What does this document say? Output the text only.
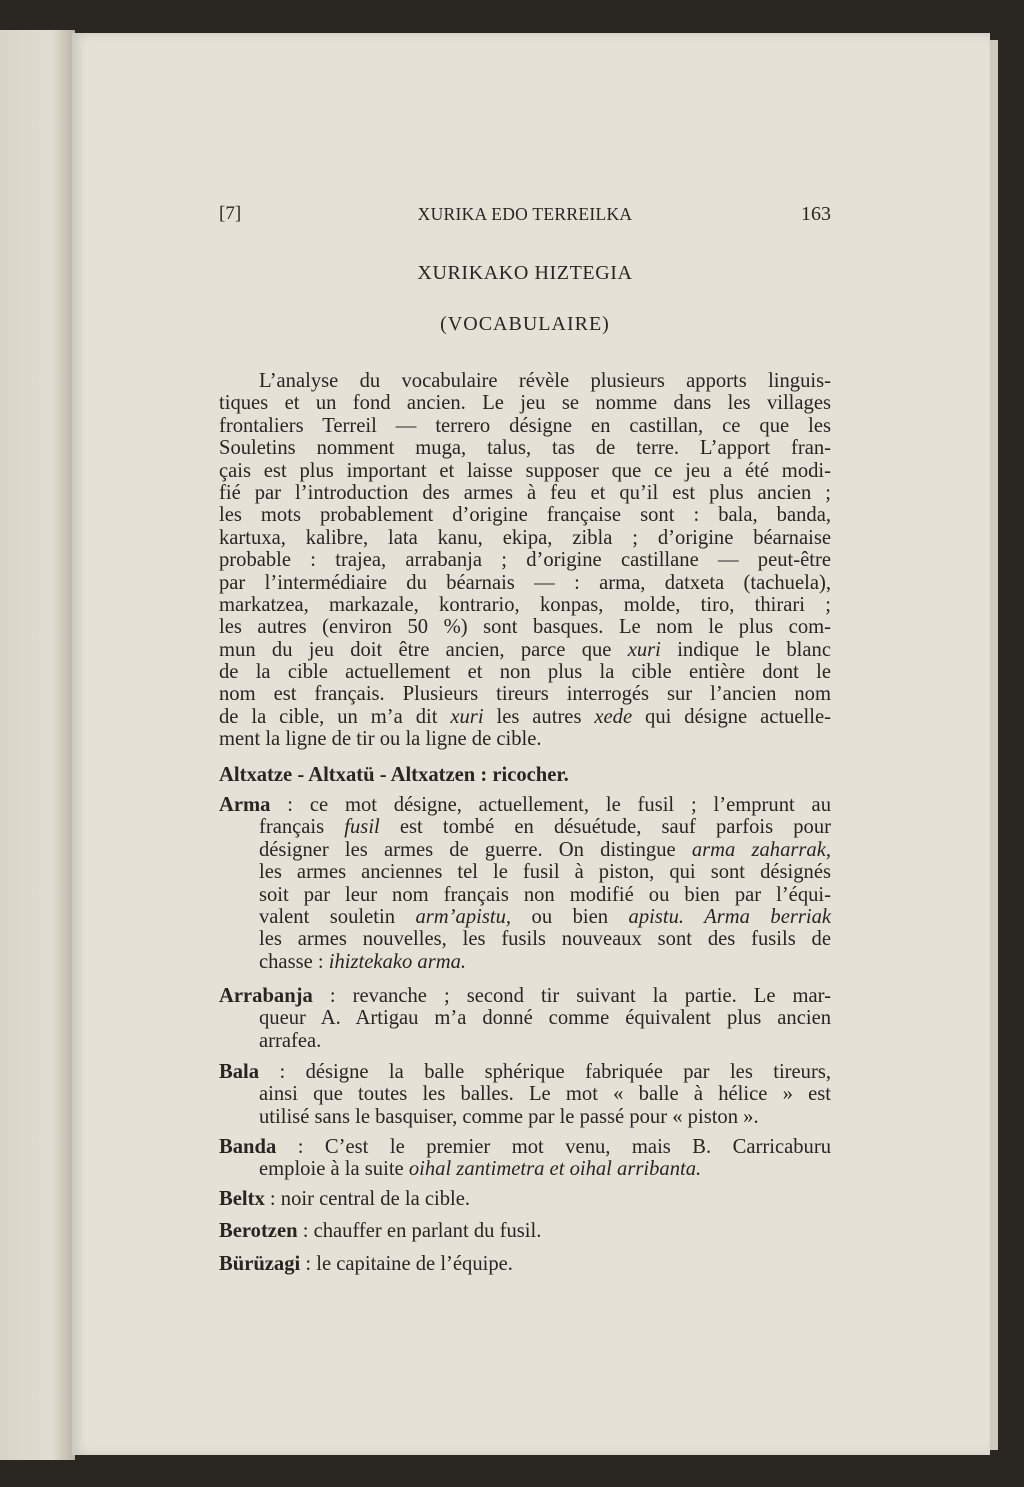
[7]	XURIKA EDO TERREILKA	163
XURIKAKO HIZTEGIA
(VOCABULAIRE)
L’analyse du vocabulaire révèle plusieurs apports linguis-
tiques et un fond ancien. Le jeu se nomme dans les villages
frontaliers Terreil — terrero désigne en castillan, ce que les
Souletins nomment muga, talus, tas de terre. L’apport fran-
çais est plus important et laisse supposer que ce jeu a été modi-
fié par l’introduction des armes à feu et qu’il est plus ancien ;
les mots probablement d’origine française sont : bala, banda,
kartuxa, kalibre, lata kanu, ekipa, zibla ; d’origine béarnaise
probable : trajea, arrabanja ; d’origine castillane — peut-être
par l’intermédiaire du béarnais — : arma, datxeta (tachuela),
markatzea, markazale, kontrario, konpas, molde, tiro, thirari ;
les autres (environ 50 %) sont basques. Le nom le plus com-
mun du jeu doit être ancien, parce que xuri indique le blanc
de la cible actuellement et non plus la cible entière dont le
nom est français. Plusieurs tireurs interrogés sur l’ancien nom
de la cible, un m’a dit xuri les autres xede qui désigne actuelle-
ment la ligne de tir ou la ligne de cible.
Altxatze - Altxatü - Altxatzen : ricocher.
Arma : ce mot désigne, actuellement, le fusil ; l’emprunt au
français fusil est tombé en désuétude, sauf parfois pour
désigner les armes de guerre. On distingue arma zaharrak,
les armes anciennes tel le fusil à piston, qui sont désignés
soit par leur nom français non modifié ou bien par l’équi-
valent souletin arm’apistu, ou bien apistu. Arma berriak
les armes nouvelles, les fusils nouveaux sont des fusils de
chasse : ihiztekako arma.
Arrabanja : revanche ; second tir suivant la partie. Le mar-
queur A. Artigau m’a donné comme équivalent plus ancien
arrafea.
Bala : désigne la balle sphérique fabriquée par les tireurs,
ainsi que toutes les balles. Le mot « balle à hélice » est
utilisé sans le basquiser, comme par le passé pour « piston ».
Banda : C’est le premier mot venu, mais B. Carricaburu
emploie à la suite oihal zantimetra et oihal arribanta.
Beltx : noir central de la cible.
Berotzen : chauffer en parlant du fusil.
Bürüzagi : le capitaine de l’équipe.
